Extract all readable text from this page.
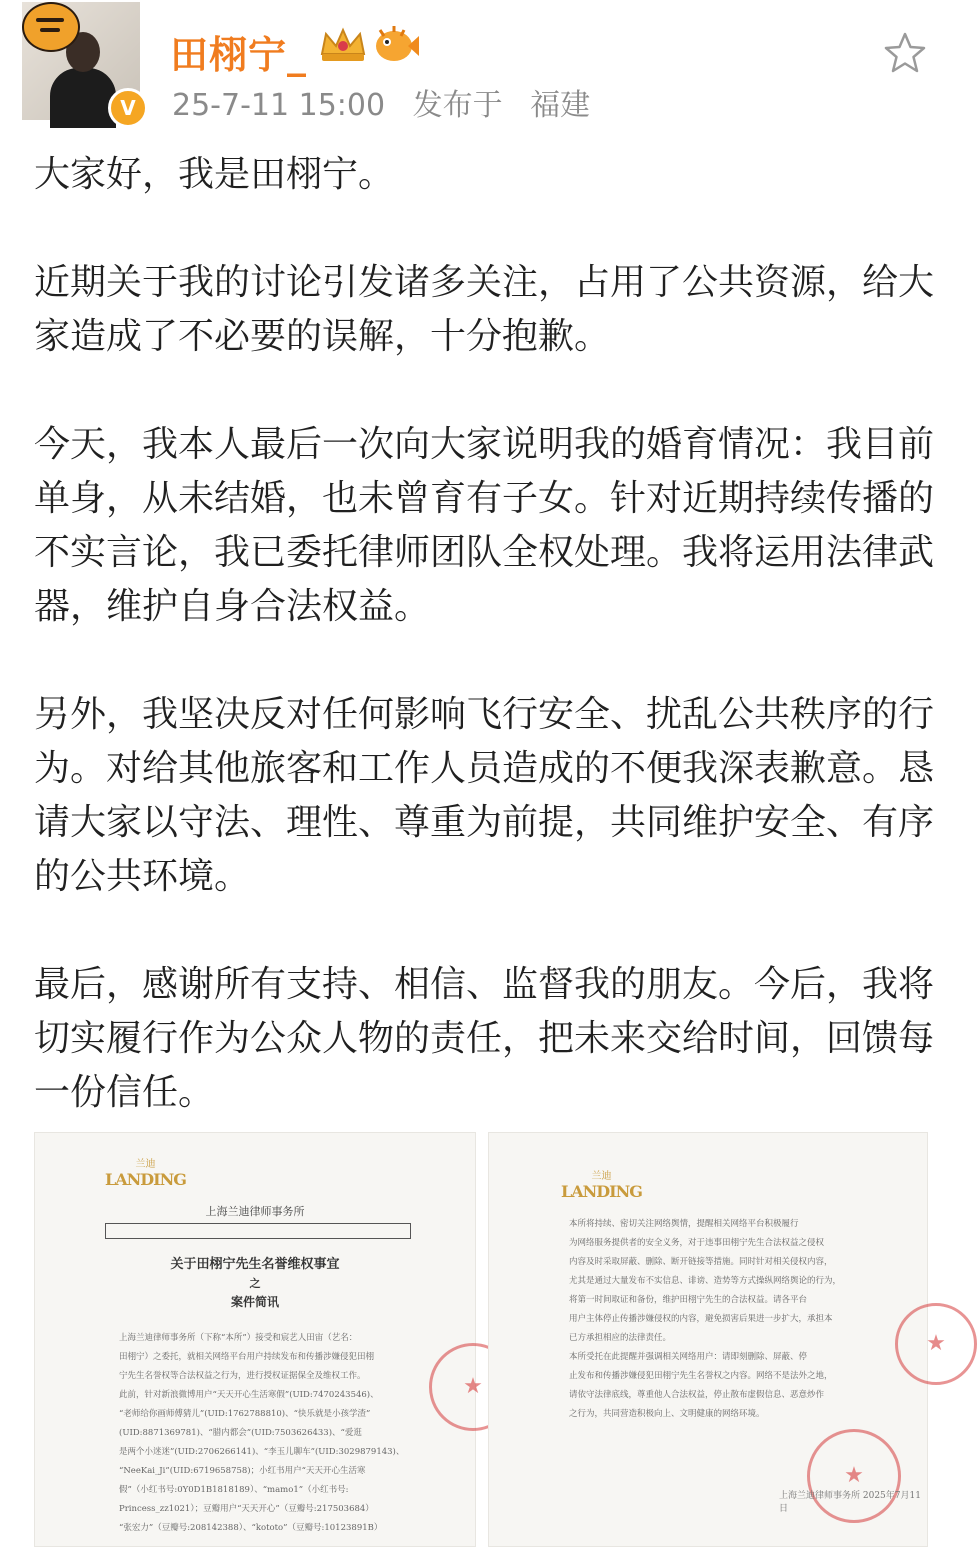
V
田栩宁_
25-7-11 15:00 发布于 福建

大家好，我是田栩宁。

近期关于我的讨论引发诸多关注，占用了公共资源，给大家造成了不必要的误解，十分抱歉。

今天，我本人最后一次向大家说明我的婚育情况：我目前单身，从未结婚，也未曾育有子女。针对近期持续传播的不实言论，我已委托律师团队全权处理。我将运用法律武器，维护自身合法权益。

另外，我坚决反对任何影响飞行安全、扰乱公共秩序的行为。对给其他旅客和工作人员造成的不便我深表歉意。恳请大家以守法、理性、尊重为前提，共同维护安全、有序的公共环境。

最后，感谢所有支持、相信、监督我的朋友。今后，我将切实履行作为公众人物的责任，把未来交给时间，回馈每一份信任。

兰迪
LANDING
上海兰迪律师事务所
关于田栩宁先生名誉维权事宜
之
案件简讯
上海兰迪律师事务所（下称“本所”）接受和宸艺人田宙（艺名：
田栩宁）之委托，就相关网络平台用户持续发布和传播涉嫌侵犯田栩
宁先生名誉权等合法权益之行为，进行授权证据保全及维权工作。
此前，针对新浪微博用户“天天开心生活寒假”(UID:7470243546)、
“老师给你画师傅猜儿”(UID:1762788810)、“快乐就是小孩学渣”
(UID:8871369781)、“腊内都会”(UID:7503626433)、“爱逛
是两个小迷迷”(UID:2706266141)、“李玉儿聊车”(UID:3029879143)、
“NeeKai_Ji”(UID:6719658758)；小红书用户“天天开心生活寒
假”（小红书号:0Y0D1B1818189）、“mamo1”（小红书号:
Princess_zz1021）；豆瓣用户“天天开心”（豆瓣号:217503684）
“张宏力”（豆瓣号:208142388）、“kototo”（豆瓣号:10123891B）
★
兰迪
LANDING
本所将持续、密切关注网络舆情，提醒相关网络平台积极履行
为网络服务提供者的安全义务，对于违事田栩宁先生合法权益之侵权
内容及时采取屏蔽、删除、断开链接等措施。同时针对相关侵权内容，
尤其是通过大量发布不实信息、诽谤、造势等方式操纵网络舆论的行为，
将第一时间取证和备份，维护田栩宁先生的合法权益。请各平台
用户主体停止传播涉嫌侵权的内容，避免损害后果进一步扩大，承担本
已方承担相应的法律责任。
本所受托在此提醒并强调相关网络用户：请即刻删除、屏蔽、停
止发布和传播涉嫌侵犯田栩宁先生名誉权之内容。网络不是法外之地，
请依守法律底线，尊重他人合法权益，停止散布虚假信息、恶意炒作
之行为，共同营造积极向上、文明健康的网络环境。
★
★
上海兰迪律师事务所 2025年7月11日
